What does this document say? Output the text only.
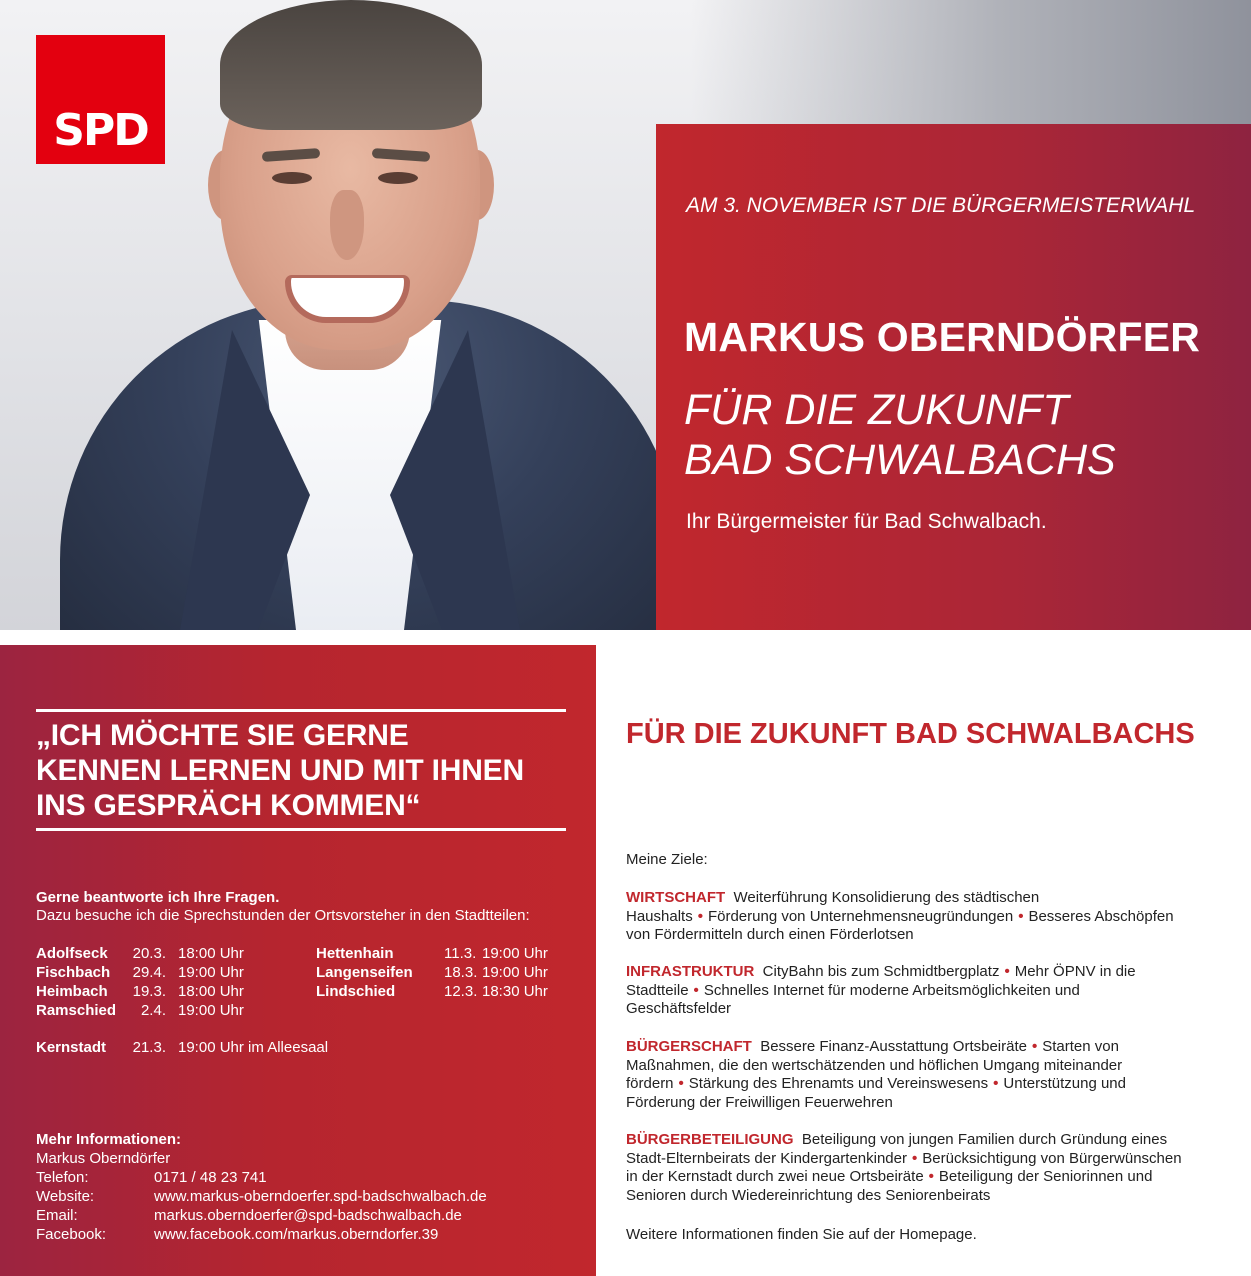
SPD
AM 3. NOVEMBER IST DIE BÜRGERMEISTERWAHL
MARKUS OBERNDÖRFER
FÜR DIE ZUKUNFT
BAD SCHWALBACHS
Ihr Bürgermeister für Bad Schwalbach.
„ICH MÖCHTE SIE GERNE
KENNEN LERNEN UND MIT IHNEN
INS GESPRÄCH KOMMEN“
Gerne beantworte ich Ihre Fragen.
Dazu besuche ich die Sprechstunden der Ortsvorsteher in den Stadtteilen:
Adolfseck 20.3. 18:00 Uhr
Fischbach 29.4. 19:00 Uhr
Heimbach 19.3. 18:00 Uhr
Ramschied 2.4. 19:00 Uhr
Hettenhain	11.3. 19:00 Uhr
Langenseifen 18.3. 19:00 Uhr
Lindschied	12.3. 18:30 Uhr
Kernstadt 21.3. 19:00 Uhr im Alleesaal
Mehr Informationen:
Markus Oberndörfer
Telefon:	0171 / 48 23 741
Website:	www.markus-oberndoerfer.spd-badschwalbach.de
Email:	markus.oberndoerfer@spd-badschwalbach.de
Facebook:	www.facebook.com/markus.oberndorfer.39
FÜR DIE ZUKUNFT BAD SCHWALBACHS
Meine Ziele:
WIRTSCHAFT Weiterführung Konsolidierung des städtischen Haushalts • Förderung von Unternehmensneugründungen • Besseres Abschöpfen von Fördermitteln durch einen Förderlotsen
INFRASTRUKTUR CityBahn bis zum Schmidtbergplatz • Mehr ÖPNV in die Stadtteile • Schnelles Internet für moderne Arbeitsmöglichkeiten und Geschäftsfelder
BÜRGERSCHAFT Bessere Finanz-Ausstattung Ortsbeiräte • Starten von Maßnahmen, die den wertschätzenden und höflichen Umgang miteinander fördern • Stärkung des Ehrenamts und Vereinswesens • Unterstützung und Förderung der Freiwilligen Feuerwehren
BÜRGERBETEILIGUNG Beteiligung von jungen Familien durch Gründung eines Stadt-Elternbeirats der Kindergartenkinder • Berücksichtigung von Bürgerwünschen in der Kernstadt durch zwei neue Ortsbeiräte • Beteiligung der Seniorinnen und Senioren durch Wiedereinrichtung des Seniorenbeirats
Weitere Informationen finden Sie auf der Homepage.
